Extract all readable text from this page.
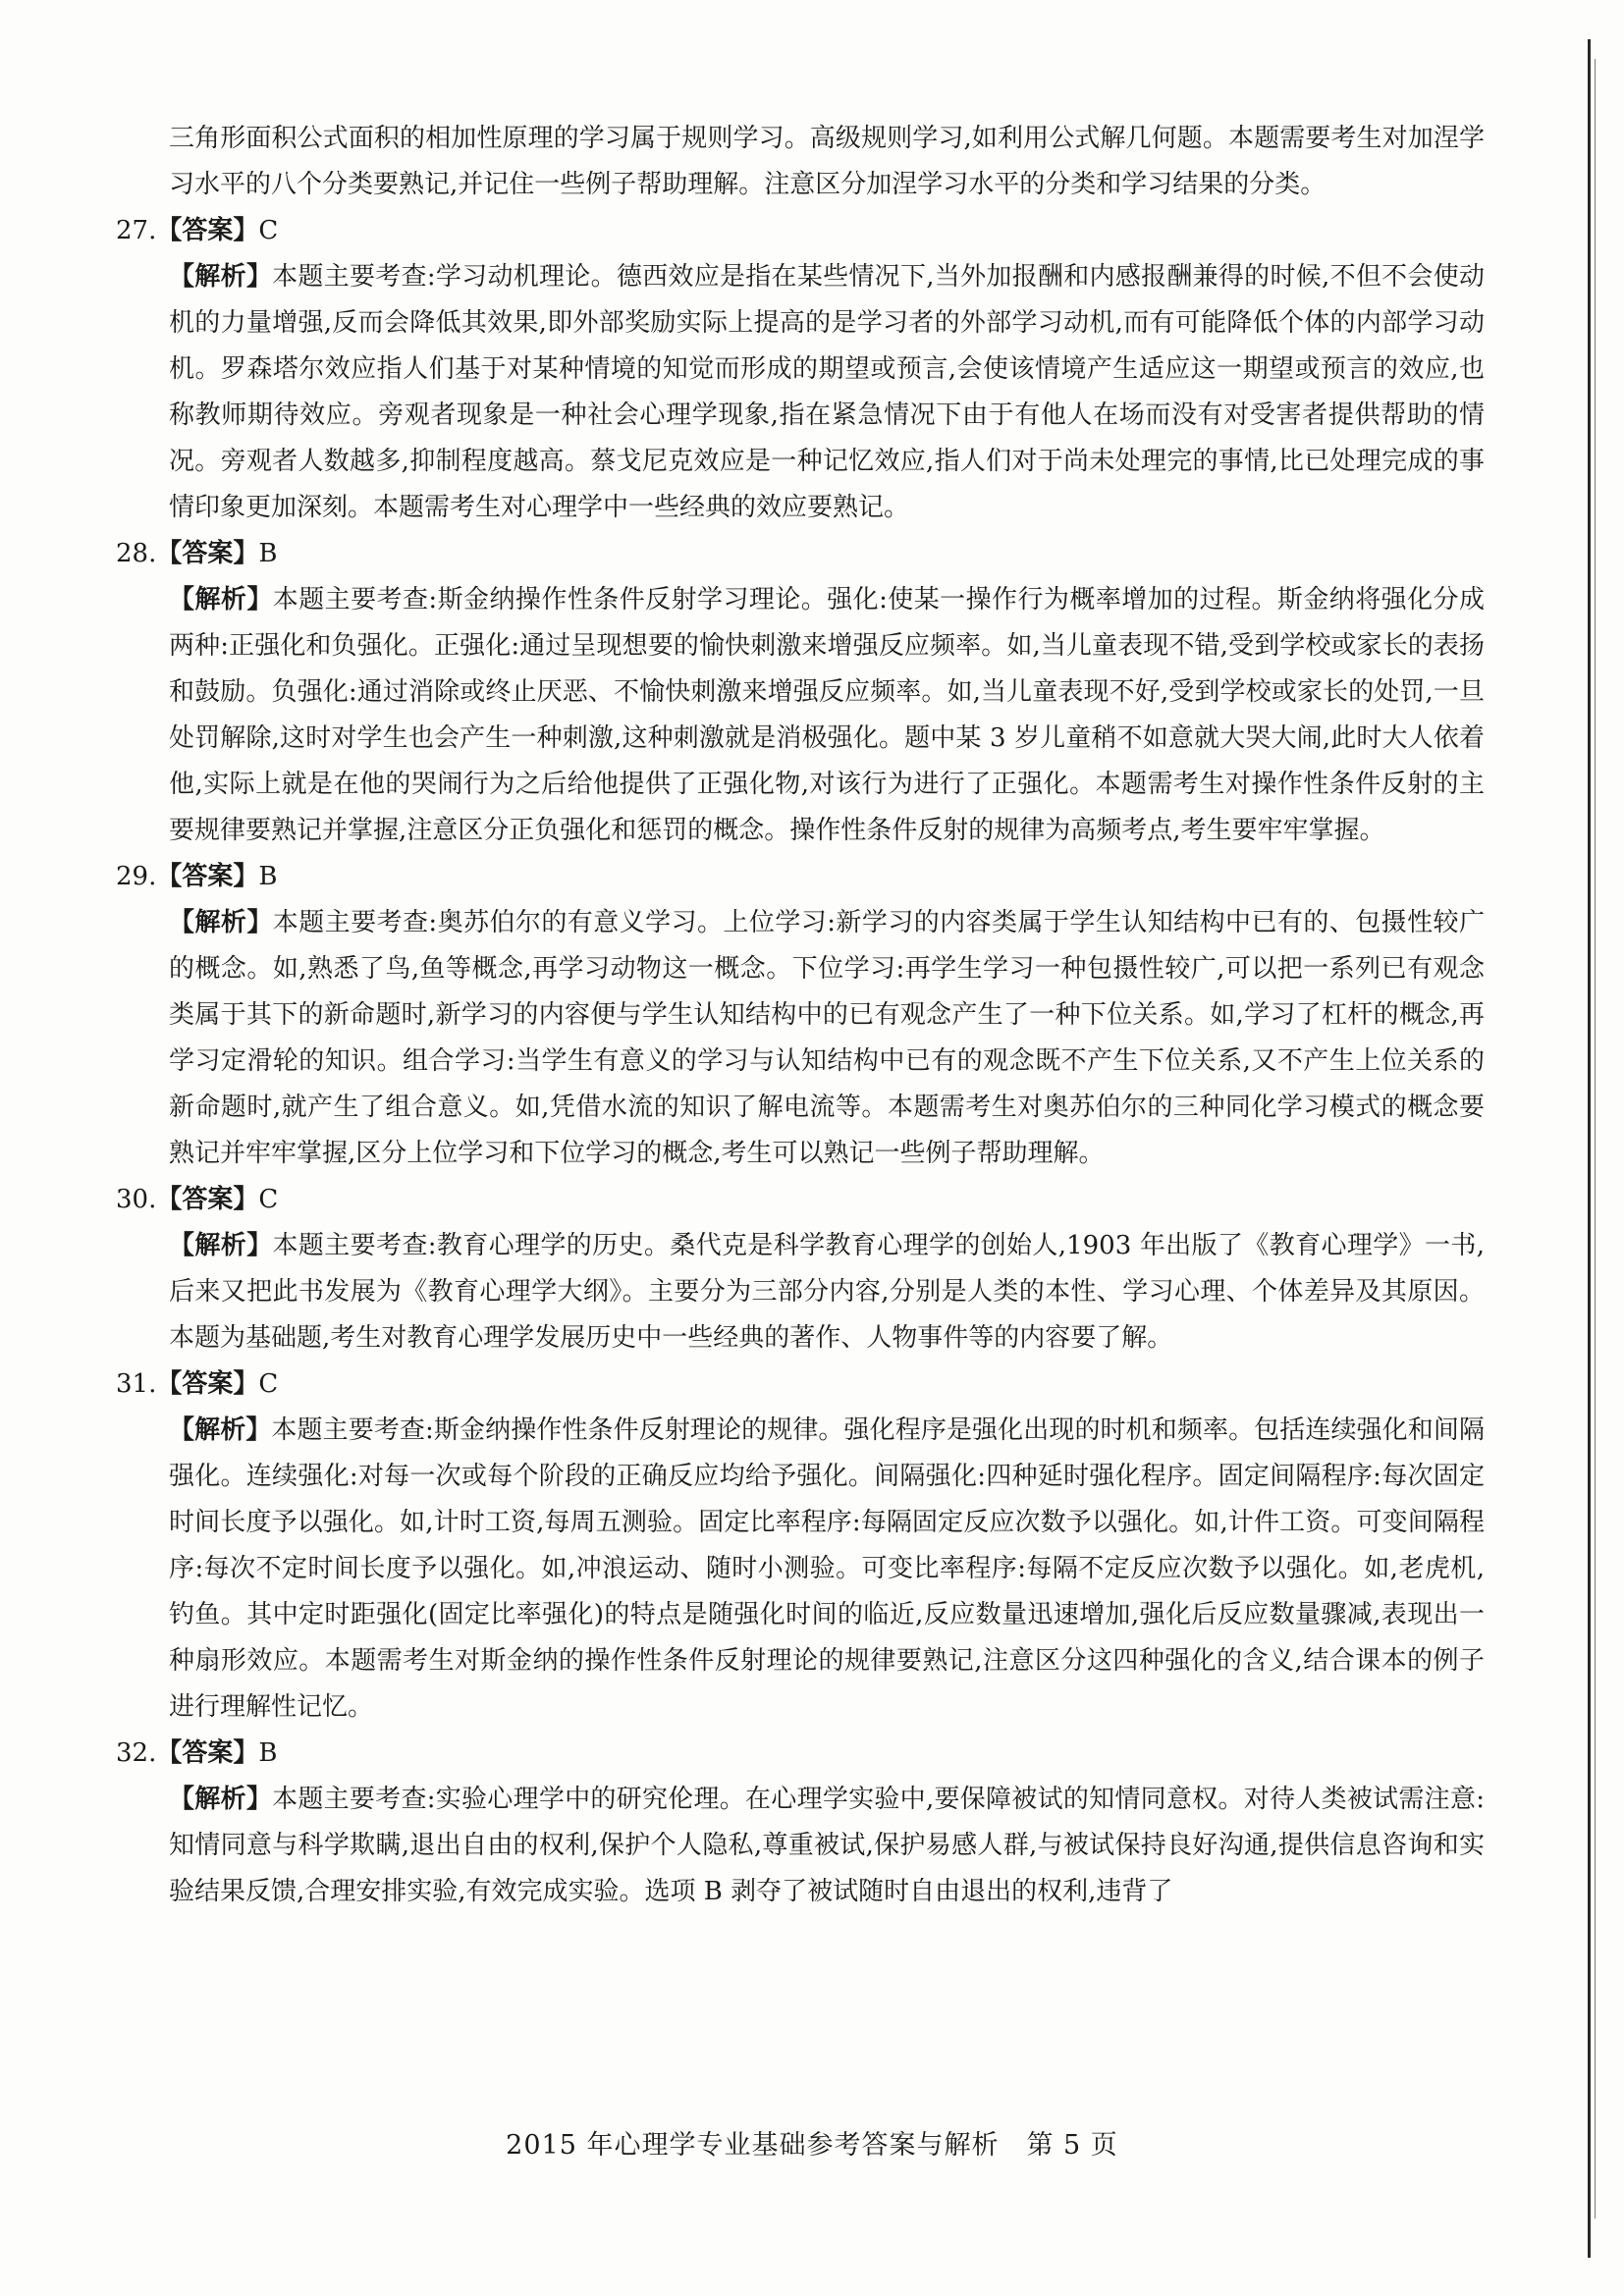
三角形面积公式面积的相加性原理的学习属于规则学习。高级规则学习,如利用公式解几何题。本题需要考生对加涅学习水平的八个分类要熟记,并记住一些例子帮助理解。注意区分加涅学习水平的分类和学习结果的分类。

27.【答案】C

【解析】本题主要考查:学习动机理论。德西效应是指在某些情况下,当外加报酬和内感报酬兼得的时候,不但不会使动机的力量增强,反而会降低其效果,即外部奖励实际上提高的是学习者的外部学习动机,而有可能降低个体的内部学习动机。罗森塔尔效应指人们基于对某种情境的知觉而形成的期望或预言,会使该情境产生适应这一期望或预言的效应,也称教师期待效应。旁观者现象是一种社会心理学现象,指在紧急情况下由于有他人在场而没有对受害者提供帮助的情况。旁观者人数越多,抑制程度越高。蔡戈尼克效应是一种记忆效应,指人们对于尚未处理完的事情,比已处理完成的事情印象更加深刻。本题需考生对心理学中一些经典的效应要熟记。

28.【答案】B

【解析】本题主要考查:斯金纳操作性条件反射学习理论。强化:使某一操作行为概率增加的过程。斯金纳将强化分成两种:正强化和负强化。正强化:通过呈现想要的愉快刺激来增强反应频率。如,当儿童表现不错,受到学校或家长的表扬和鼓励。负强化:通过消除或终止厌恶、不愉快刺激来增强反应频率。如,当儿童表现不好,受到学校或家长的处罚,一旦处罚解除,这时对学生也会产生一种刺激,这种刺激就是消极强化。题中某 3 岁儿童稍不如意就大哭大闹,此时大人依着他,实际上就是在他的哭闹行为之后给他提供了正强化物,对该行为进行了正强化。本题需考生对操作性条件反射的主要规律要熟记并掌握,注意区分正负强化和惩罚的概念。操作性条件反射的规律为高频考点,考生要牢牢掌握。

29.【答案】B

【解析】本题主要考查:奥苏伯尔的有意义学习。上位学习:新学习的内容类属于学生认知结构中已有的、包摄性较广的概念。如,熟悉了鸟,鱼等概念,再学习动物这一概念。下位学习:再学生学习一种包摄性较广,可以把一系列已有观念类属于其下的新命题时,新学习的内容便与学生认知结构中的已有观念产生了一种下位关系。如,学习了杠杆的概念,再学习定滑轮的知识。组合学习:当学生有意义的学习与认知结构中已有的观念既不产生下位关系,又不产生上位关系的新命题时,就产生了组合意义。如,凭借水流的知识了解电流等。本题需考生对奥苏伯尔的三种同化学习模式的概念要熟记并牢牢掌握,区分上位学习和下位学习的概念,考生可以熟记一些例子帮助理解。

30.【答案】C

【解析】本题主要考查:教育心理学的历史。桑代克是科学教育心理学的创始人,1903 年出版了《教育心理学》一书,后来又把此书发展为《教育心理学大纲》。主要分为三部分内容,分别是人类的本性、学习心理、个体差异及其原因。本题为基础题,考生对教育心理学发展历史中一些经典的著作、人物事件等的内容要了解。

31.【答案】C

【解析】本题主要考查:斯金纳操作性条件反射理论的规律。强化程序是强化出现的时机和频率。包括连续强化和间隔强化。连续强化:对每一次或每个阶段的正确反应均给予强化。间隔强化:四种延时强化程序。固定间隔程序:每次固定时间长度予以强化。如,计时工资,每周五测验。固定比率程序:每隔固定反应次数予以强化。如,计件工资。可变间隔程序:每次不定时间长度予以强化。如,冲浪运动、随时小测验。可变比率程序:每隔不定反应次数予以强化。如,老虎机,钓鱼。其中定时距强化(固定比率强化)的特点是随强化时间的临近,反应数量迅速增加,强化后反应数量骤减,表现出一种扇形效应。本题需考生对斯金纳的操作性条件反射理论的规律要熟记,注意区分这四种强化的含义,结合课本的例子进行理解性记忆。

32.【答案】B

【解析】本题主要考查:实验心理学中的研究伦理。在心理学实验中,要保障被试的知情同意权。对待人类被试需注意:知情同意与科学欺瞒,退出自由的权利,保护个人隐私,尊重被试,保护易感人群,与被试保持良好沟通,提供信息咨询和实验结果反馈,合理安排实验,有效完成实验。选项 B 剥夺了被试随时自由退出的权利,违背了

2015 年心理学专业基础参考答案与解析　第 5 页
